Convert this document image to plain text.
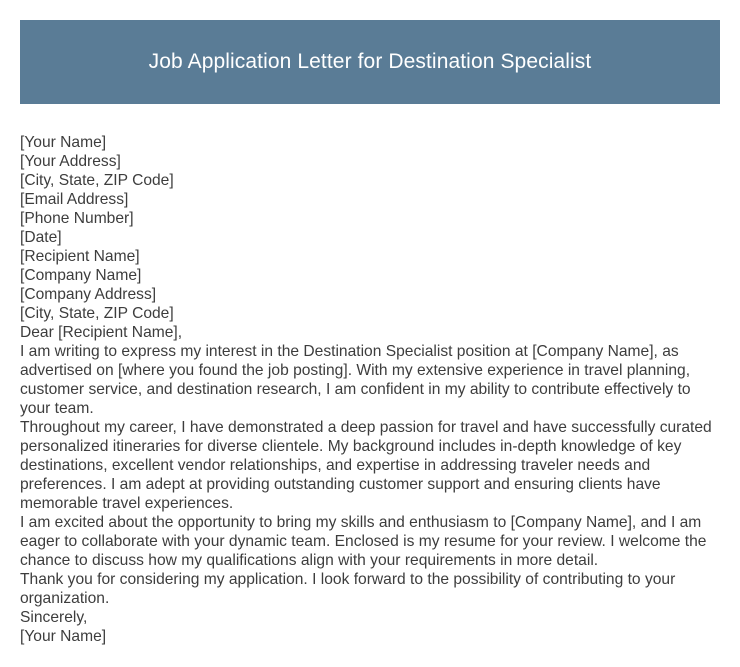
Job Application Letter for Destination Specialist
[Your Name]
[Your Address]
[City, State, ZIP Code]
[Email Address]
[Phone Number]
[Date]
[Recipient Name]
[Company Name]
[Company Address]
[City, State, ZIP Code]
Dear [Recipient Name],

I am writing to express my interest in the Destination Specialist position at [Company Name], as advertised on [where you found the job posting]. With my extensive experience in travel planning, customer service, and destination research, I am confident in my ability to contribute effectively to your team.

Throughout my career, I have demonstrated a deep passion for travel and have successfully curated personalized itineraries for diverse clientele. My background includes in-depth knowledge of key destinations, excellent vendor relationships, and expertise in addressing traveler needs and preferences. I am adept at providing outstanding customer support and ensuring clients have memorable travel experiences.

I am excited about the opportunity to bring my skills and enthusiasm to [Company Name], and I am eager to collaborate with your dynamic team. Enclosed is my resume for your review. I welcome the chance to discuss how my qualifications align with your requirements in more detail.

Thank you for considering my application. I look forward to the possibility of contributing to your organization.

Sincerely,
[Your Name]
